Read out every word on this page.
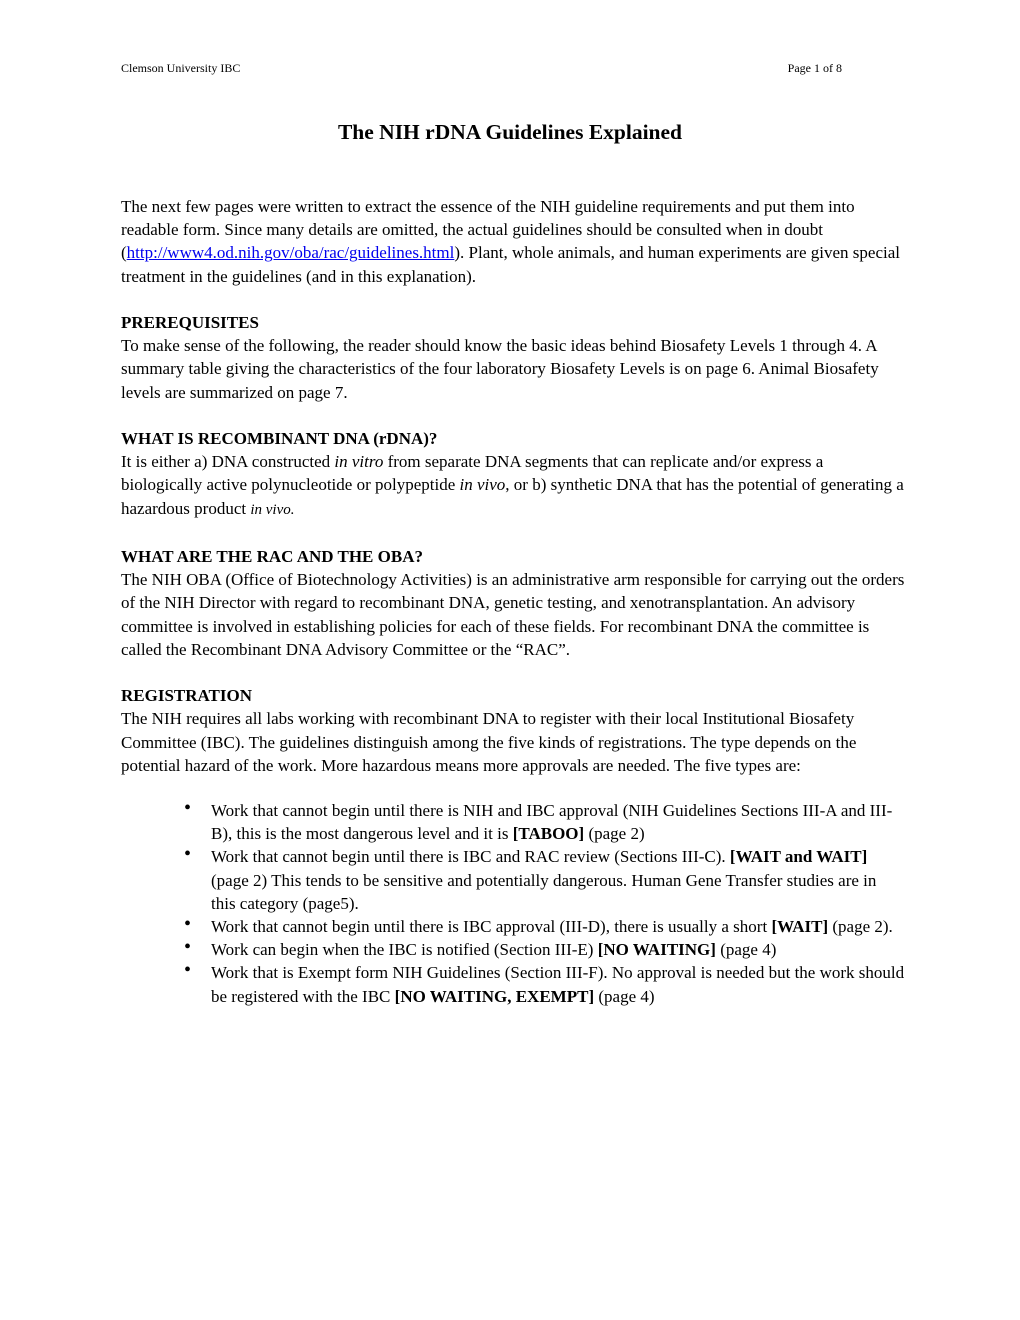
Clemson University IBC	Page 1 of 8
The NIH rDNA Guidelines Explained

The next few pages were written to extract the essence of the NIH guideline requirements and put them into readable form. Since many details are omitted, the actual guidelines should be consulted when in doubt (http://www4.od.nih.gov/oba/rac/guidelines.html). Plant, whole animals, and human experiments are given special treatment in the guidelines (and in this explanation).

PREREQUISITES

To make sense of the following, the reader should know the basic ideas behind Biosafety Levels 1 through 4. A summary table giving the characteristics of the four laboratory Biosafety Levels is on page 6. Animal Biosafety levels are summarized on page 7.

WHAT IS RECOMBINANT DNA (rDNA)?

It is either a) DNA constructed in vitro from separate DNA segments that can replicate and/or express a biologically active polynucleotide or polypeptide in vivo, or b) synthetic DNA that has the potential of generating a hazardous product in vivo.

WHAT ARE THE RAC AND THE OBA?

The NIH OBA (Office of Biotechnology Activities) is an administrative arm responsible for carrying out the orders of the NIH Director with regard to recombinant DNA, genetic testing, and xenotransplantation. An advisory committee is involved in establishing policies for each of these fields. For recombinant DNA the committee is called the Recombinant DNA Advisory Committee or the “RAC”.

REGISTRATION

The NIH requires all labs working with recombinant DNA to register with their local Institutional Biosafety Committee (IBC). The guidelines distinguish among the five kinds of registrations. The type depends on the potential hazard of the work. More hazardous means more approvals are needed. The five types are:

• Work that cannot begin until there is NIH and IBC approval (NIH Guidelines Sections III-A and III-B), this is the most dangerous level and it is [TABOO] (page 2)
• Work that cannot begin until there is IBC and RAC review (Sections III-C). [WAIT and WAIT] (page 2) This tends to be sensitive and potentially dangerous. Human Gene Transfer studies are in this category (page5).
• Work that cannot begin until there is IBC approval (III-D), there is usually a short [WAIT] (page 2).
• Work can begin when the IBC is notified (Section III-E) [NO WAITING] (page 4)
• Work that is Exempt form NIH Guidelines (Section III-F). No approval is needed but the work should be registered with the IBC [NO WAITING, EXEMPT] (page 4)
